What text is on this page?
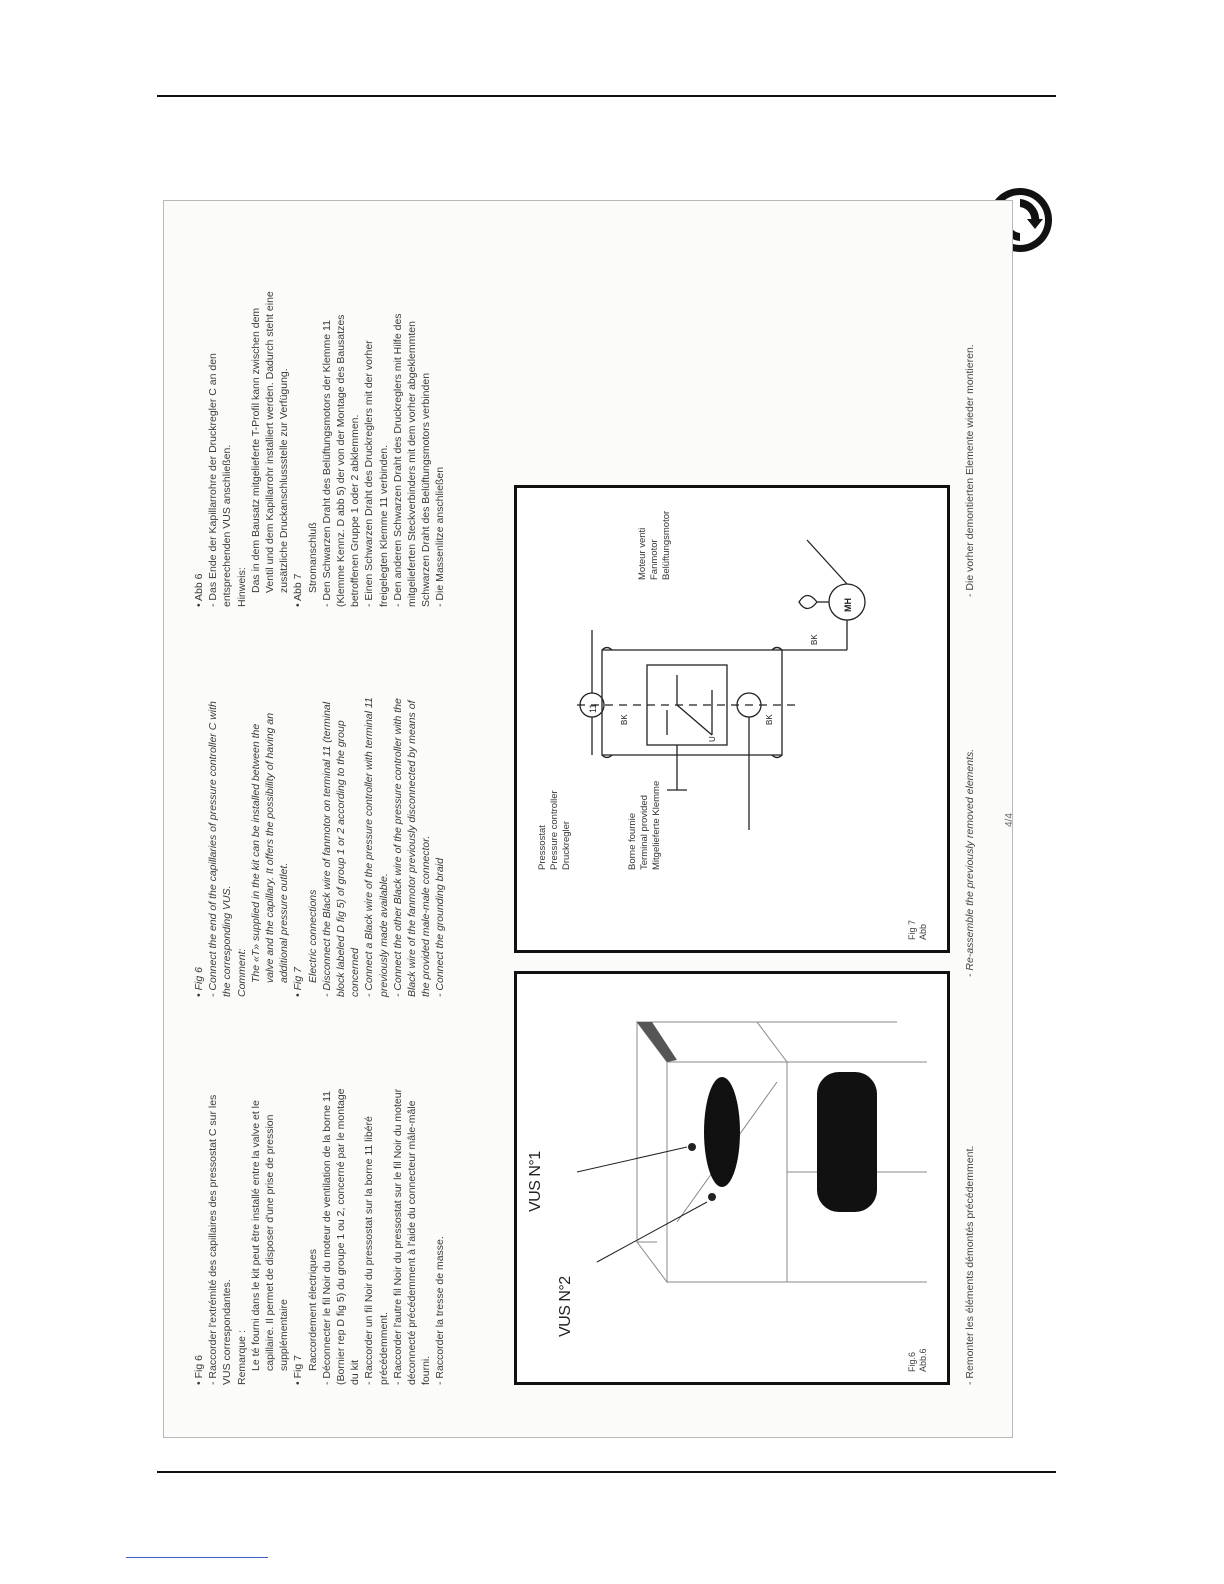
• Fig 6 - Raccorder l'extrémité des capillaires des pressostat C sur les VUS correspondantes. Remarque : Le té fourni dans le kit peut être installé entre la valve et le capillaire. Il permet de disposer d'une prise de pression supplémentaire • Fig 7 Raccordement électriques - Déconnecter le fil Noir du moteur de ventilation de la borne 11 (Bornier rep D fig 5) du groupe 1 ou 2, concerné par le montage du kit - Raccorder un fil Noir du pressostat sur la borne 11 libéré précédemment. - Raccorder l'autre fil Noir du pressostat sur le fil Noir du moteur déconnecté précédemment à l'aide du connecteur mâle-mâle fourni. - Raccorder la tresse de masse.

• Fig 6 - Connect the end of the capillaries of pressure controller C with the corresponding VUS. Comment: The «T» supplied in the kit can be installed between the valve and the capillary. It offers the possibility of having an additional pressure outlet. • Fig 7 Electric connections - Disconnect the Black wire of fanmotor on terminal 11 (terminal block labeled D fig 5) of group 1 or 2 according to the group concerned - Connect a Black wire of the pressure controller with terminal 11 previously made available. - Connect the other Black wire of the pressure controller with the Black wire of the fanmotor previously disconnected by means of the provided male-male connector. - Connect the grounding braid

• Abb 6 - Das Ende der Kapillarrohre der Druckregler C an den entsprechenden VUS anschließen. Hinweis: Das in dem Bausatz mitgelieferte T-Profil kann zwischen dem Ventil und dem Kapillarrohr installiert werden. Dadurch steht eine zusätzliche Druckanschlussstelle zur Verfügung. • Abb 7 Stromanschluß - Den Schwarzen Draht des Belüftungsmotors der Klemme 11 (Klemme Kennz. D abb 5) der von der Montage des Bausatzes betroffenen Gruppe 1 oder 2 abklemmen. - Einen Schwarzen Draht des Druckreglers mit der vorher freigelegten Klemme 11 verbinden. - Den anderen Schwarzen Draht des Druckreglers mit Hilfe des mitgelieferten Steckverbinders mit dem vorher abgeklemmten Schwarzen Draht des Belüftungsmotors verbinden - Die Massenlitze anschließen

Fig.6 Abb.6
VUS N°2
VUS N°1
Fig 7 Abb
Pressostat Pressure controller Druckregler	Borne fournie Terminal provided Mitgelieferte Klemme
Moteur venti Fanmotor Belüftungsmotor
11
BK	BK
BK
MH
U
- Remonter les éléments démontés précédemment.
- Re-assemble the previously removed elements.
- Die vorher demontierten Elemente wieder montieren.
4/4
